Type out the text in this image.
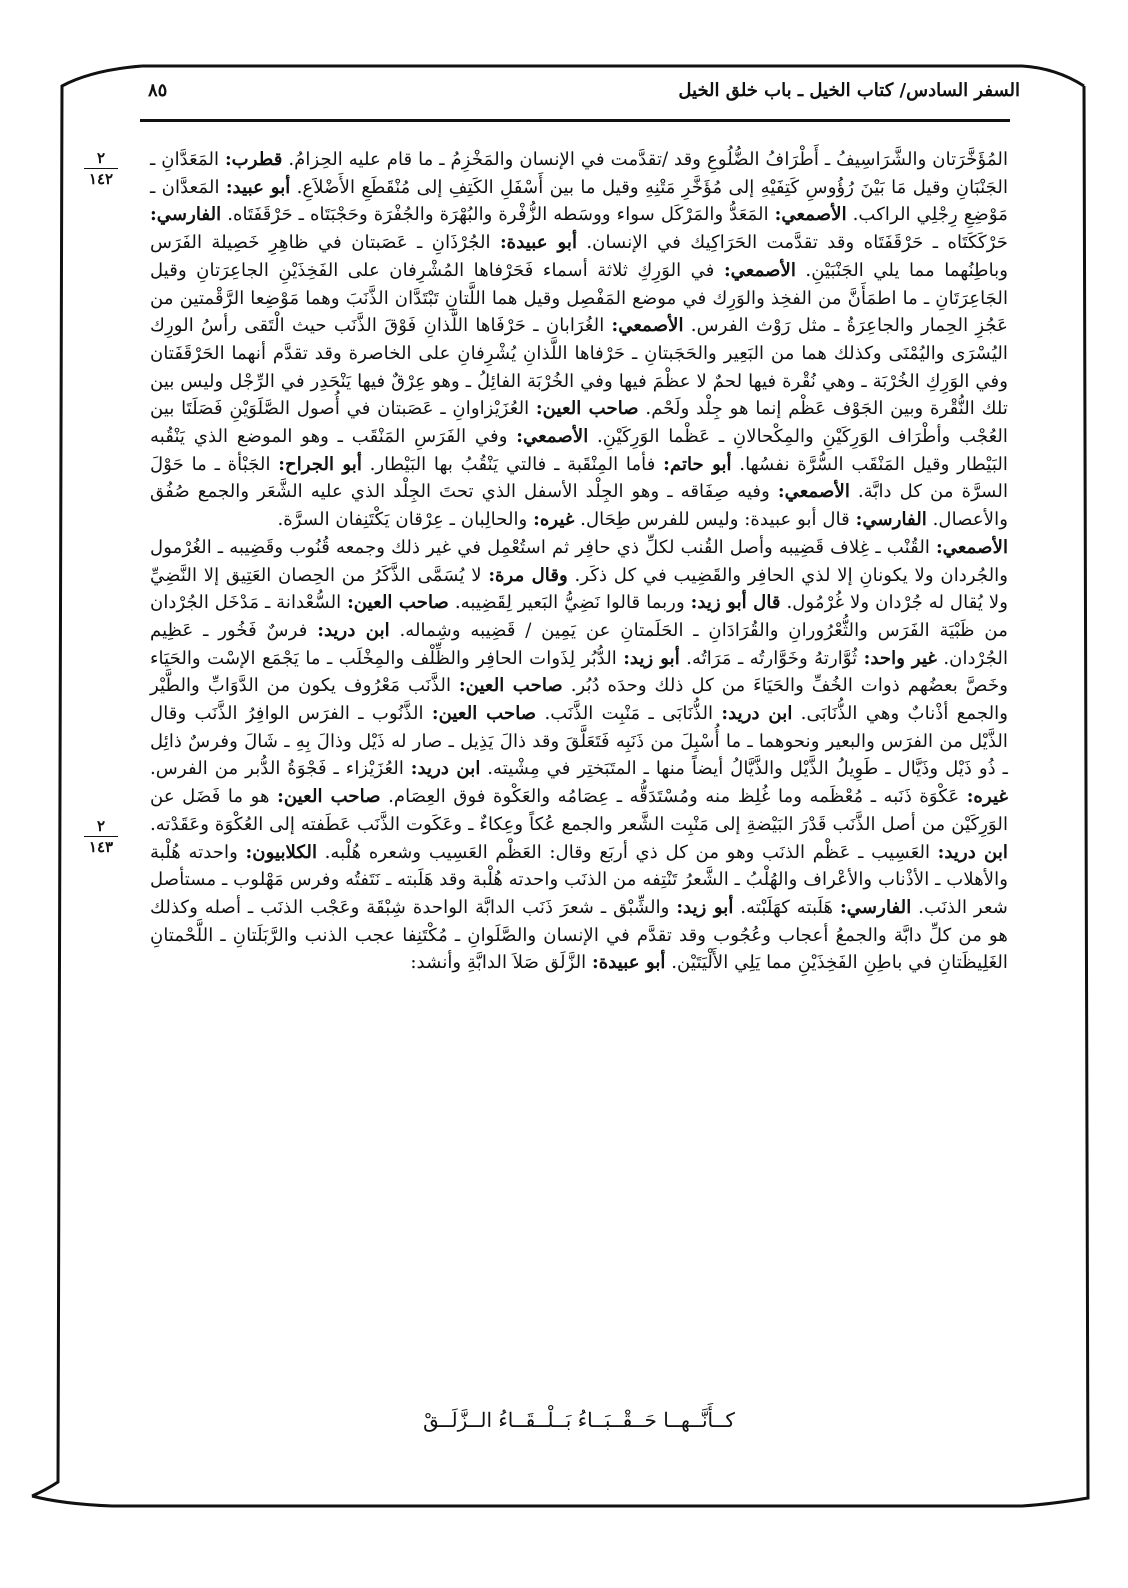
٨٥	السفر السادس/ كتاب الخيل ـ باب خلق الخيل
٢
١٤٢
٢
١٤٣

المُؤَخَّرَتان والشَّرَاسِيفُ ـ أَطْرَافُ الضُّلُوعِ وقد /تقدَّمت في الإنسان والمَخْزِمُ ـ ما قام عليه الحِزامُ. قطرب: المَعَدَّانِ ـ الجَنْبَانِ وقيل مَا بَيْنَ رُؤُوسِ كَتِفَيْهِ إلى مُؤَخَّرِ مَتْنِهِ وقيل ما بين أَسْفَلِ الكَتِفِ إلى مُنْقَطَعِ الأَضْلاَعِ. أبو عبيد: المَعدَّان ـ مَوْضِعِ رِجْلِي الراكب. الأصمعي: المَعَدُّ والمَرْكَل سواء ووسَطه الزُّفْرة والبُهْرَة والجُفْرَة وحَجْبَتَاه ـ حَرْقَفَتَاه. الفارسي: حَرْكَكَتَاه ـ حَرْقَفَتَاه وقد تقدَّمت الحَرَاكِيك في الإنسان. أبو عبيدة: الجُرْذَانِ ـ عَصَبتان في ظاهِرِ خَصِيلة الفَرَس وباطِنُهما مما يلي الجَنْبَيْنِ. الأصمعي: في الوَرِكِ ثلاثة أسماء فَحَرْفاها المُشْرِفان على الفَخِذَيْنِ الجاعِرَتانِ وقيل الجَاعِرَتَانِ ـ ما اطمَأَنَّ من الفخِذ والوَرِك في موضع المَفْصِل وقيل هما اللَّتانِ تَبْتَدَّان الذَّنَبَ وهما مَوْضِعا الرَّقْمتين من عَجُزِ الحِمار والجاعِرَةُ ـ مثل رَوْث الفرس. الأصمعي: الغُرَابان ـ حَرْفَاها اللَّذانِ فَوْقَ الذَّنَب حيث الْتَقى رأسُ الورِك اليُسْرَى واليُمْنَى وكذلك هما من البَعِير والحَجَبتانِ ـ حَرْفاها اللَّذانِ يُشْرِفانِ على الخاصرة وقد تقدَّم أنهما الحَرْقَفَتان وفي الوَرِكِ الخُرْبَة ـ وهي نُقْرة فيها لحمٌ لا عظْمَ فيها وفي الخُرْبَة الفائِلُ ـ وهو عِرْقٌ فيها يَنْحَدِر في الرِّجْل وليس بين تلك النُّقْرة وبين الجَوْف عَظْم إنما هو جِلْد ولَحْم. صاحب العين: العُزَيْزاوانِ ـ عَصَبتان في أُصول الصَّلَوَيْنِ فَصَلَتَا بين العُجْب وأطْرَاف الوَرِكَيْنِ والمِكْحالانِ ـ عَظْما الوَرِكَيْنِ. الأصمعي: وفي الفَرَسِ المَنْقَب ـ وهو الموضع الذي يَنْقُبه البَيْطار وقيل المَنْقَب السُّرَّة نفسُها. أبو حاتم: فأما المِنْقَبة ـ فالتي يَنْقُبُ بها البَيْطار. أبو الجراح: الجَبْأة ـ ما حَوْلَ السرَّة من كل دابَّة. الأصمعي: وفيه صِفَاقه ـ وهو الجِلْد الأسفل الذي تحتَ الجِلْد الذي عليه الشَّعَر والجمع صُفُق والأعصال. الفارسي: قال أبو عبيدة: وليس للفرس طِحَال. غيره: والحالِبان ـ عِرْقان يَكْتَنِفان السرَّة.

الأصمعي: القُنْب ـ غِلاف قَضِيبه وأصل القُنب لكلِّ ذي حافِر ثم استُعْمِل في غير ذلك وجمعه قُنُوب وقَضِيبه ـ الغُرْمول والجُردان ولا يكونانِ إلا لذي الحافِر والقَضِيب في كل ذكَر. وقال مرة: لا يُسَمَّى الذَّكَرُ من الحِصان العَتِيق إلا النَّضِيِّ ولا يُقال له جُرْدان ولا غُرْمُول. قال أبو زيد: وربما قالوا نَضِيُّ البَعير لِقَضِيبه. صاحب العين: السُّعْدانة ـ مَدْخَل الجُرْدان من ظَبْيَة الفَرَس والثُّعْرُورانِ والقُرَادَانِ ـ الحَلَمتانِ عن يَمِين / قَضِيبه وشِماله. ابن دريد: فرسٌ فَخُور ـ عَظِيم الجُرْدان. غير واحد: ثُوَّارتهُ وخَوَّارتُه ـ مَرَاتُه. أبو زيد: الدُّبُر لِذَوات الحافِر والظِّلْف والمِخْلَب ـ ما يَجْمَع الإسْت والحَيَاء وخَصَّ بعضُهم ذوات الخُفِّ والحَيَاءَ من كل ذلك وحدَه دُبُر. صاحب العين: الذَّنَب مَعْرُوف يكون من الدَّوَابِّ والطَّيْر والجمع أذْنابٌ وهي الذُّنَابَى. ابن دريد: الذُّنَابَى ـ مَنْبِت الذَّنَب. صاحب العين: الذَّنُوب ـ الفرَس الوافِرُ الذَّنَب وقال الذَّيْل من الفرَس والبعير ونحوهما ـ ما أُسْبِلَ من ذَنَبِه فَتَعَلَّقَ وقد ذالَ يَذِيل ـ صار له ذَيْل وذالَ بِهِ ـ شَالَ وفرسٌ ذائِل ـ ذُو ذَيْل وذَيَّال ـ طَوِيلُ الذَّيْل والذَّيَّالُ أيضاً منها ـ المتَبَختِر في مِشْيته. ابن دريد: العُزَيْزاء ـ فَجْوَةُ الدُّبر من الفرس. غيره: عَكْوَة ذَنَبه ـ مُعْظَمه وما غُلِظ منه ومُسْتَدَقُّه ـ عِصَامُه والعَكْوة فوق العِصَام. صاحب العين: هو ما فَضَل عن الوَرِكَيْن من أصل الذَّنَب قَدْرَ البَيْضةِ إلى مَنْبِت الشَّعر والجمع عُكاً وعِكاءٌ ـ وعَكَوت الذَّنَب عَطَفته إلى العُكْوَة وعَقَدْته. ابن دريد: العَسِيب ـ عَظْم الذنَب وهو من كل ذي أربَع وقال: العَظْم العَسِيب وشعره هُلْبه. الكلابيون: واحدته هُلْبة والأهلاب ـ الأذْناب والأعْراف والهُلْبُ ـ الشَّعرُ تَنْتِفه من الذنَب واحدته هُلْبة وقد هَلَبته ـ نَتَفتُه وفرس مَهْلوب ـ مستأصل شعر الذنَب. الفارسي: هَلَبته كهَلَبْته. أبو زيد: والشِّبْق ـ شعرَ ذَنَب الدابَّة الواحدة شِبْقَة وعَجْب الذنَب ـ أصله وكذلك هو من كلِّ دابَّة والجمعُ أعجاب وعُجُوب وقد تقدَّم في الإنسان والصَّلَوانِ ـ مُكْتَنِفا عجب الذنب والرَّبَلَتانِ ـ اللَّحْمتانِ الغَلِيظَتانِ في باطِنِ الفَخِذَيْنِ مما يَلِي الأَلْيَتَيْن. أبو عبيدة: الزَّلَق صَلاَ الدابَّةِ وأنشد:

كــأَنَّــهــا حَــقْــبَــاءُ بَــلْــقَــاءُ الــزَّلَــقْ
